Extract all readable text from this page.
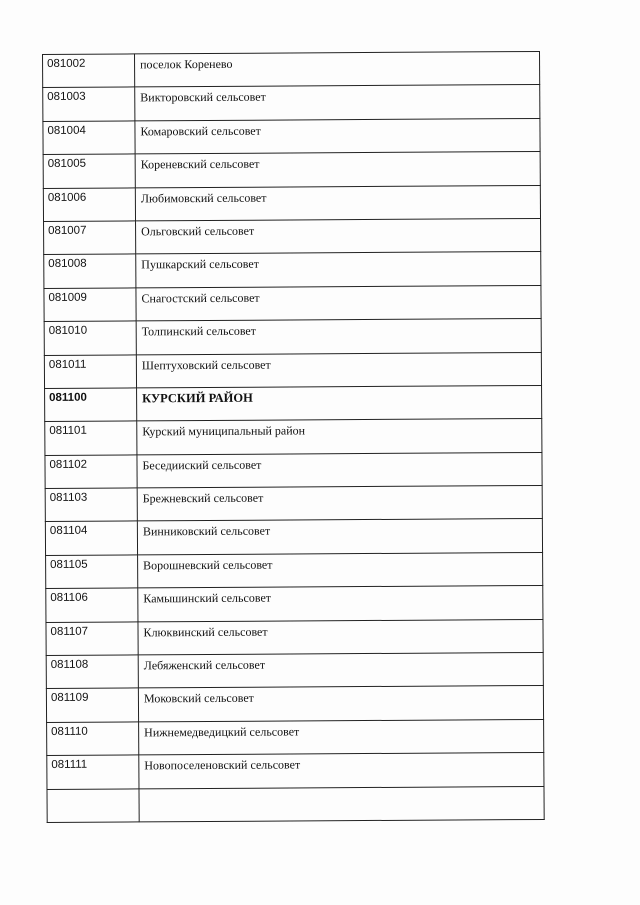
081002	поселок Коренево
081003	Викторовский сельсовет
081004	Комаровский сельсовет
081005	Кореневский сельсовет
081006	Любимовский сельсовет
081007	Ольговский сельсовет
081008	Пушкарский сельсовет
081009	Снагостский сельсовет
081010	Толпинский сельсовет
081011	Шептуховский сельсовет
081100	КУРСКИЙ РАЙОН
081101	Курский муниципальный район
081102	Беседииский сельсовет
081103	Брежневский сельсовет
081104	Винниковский сельсовет
081105	Ворошневский сельсовет
081106	Камышинский сельсовет
081107	Клюквинский сельсовет
081108	Лебяженский сельсовет
081109	Моковский сельсовет
081110	Нижнемедведицкий сельсовет
081111	Новопоселеновский сельсовет
